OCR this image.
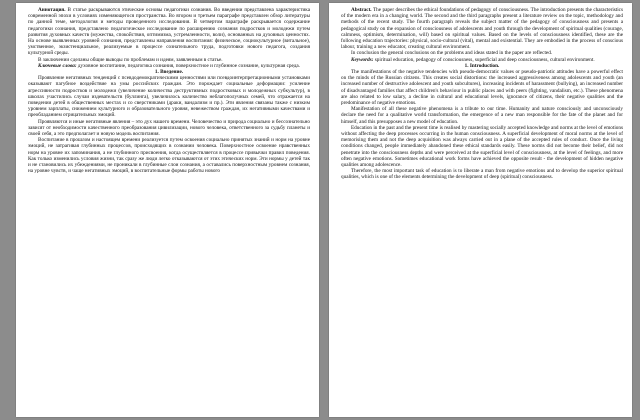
Аннотация. В статье раскрываются этические основы педагогики сознания. Во введении представлена характеристика современной эпохи в условиях изменяющегося пространства. Во втором и третьем параграфе представлен обзор литературы по данной теме, методология и методы проведенного исследования. В четвертом параграфе раскрывается содержание педагогики сознания, представлено педагогическое исследование по расширению сознания подростков и молодежи путем развития духовных качеств (мужества, спокойствия, оптимизма, устремленности, воли), основанных на духовных ценностях. На основе выявленных уровней сознания, представлены направления воспитания: физическое, социокультурное (витальное), умственное, экзистенциальное, реализуемые в процессе сознательного труда, подготовки нового педагога, создания культурной среды.

В заключении сделаны общие выводы по проблемам и идеям, заявленным в статье.

Ключевые слова: духовное воспитание, педагогика сознания, поверхностное и глубинное сознание, культурная среда.

1. Введение.

Проявление негативных тенденций с псевдодемократическими ценностями или псевдоинтерпретационными установками оказывают пагубное воздействие на умы российских граждан. Это порождает социальные деформации: усиление агрессивности подростков и молодежи (увеличение количества деструктивных подростковых и молодежных субкультур), в школах участились случаи издевательств (буллинга), увеличилось количество неблагополучных семей, что отражается на поведении детей в общественных местах и со сверстниками (драки, вандализм и пр.). Эти явления связаны также с низким уровнем зарплаты, снижением культурного и образовательного уровня, невежеством граждан, их негативными качествами и преобладанием отрицательных эмоций.

Проявляются и иные негативные явления – это дух нашего времени. Человечество и природа социально и бессознательно зависят от необходимости качественного преобразования цивилизации, нового человека, ответственного за судьбу планеты и своей себя, а это предполагает и новую модель воспитания.

Воспитание в прошлом и настоящем времени реализуется путем освоения социально принятых знаний и норм на уровне эмоций, не затрагивая глубинных процессов, происходящих в сознании человека. Поверхностное освоение нравственных норм на уровне их запоминания, а не глубинного присвоения, когда осуществляется в процессе привычки правил поведения. Как только изменились условия жизни, так сразу же люди легко отказываются от этих этических норм. Эти нормы у детей так и не становились их убеждениями, не проникали в глубинные слои сознания, а оставались поверхностным уровнем сознания, на уровне чувств, и чаще негативных эмоций, в воспитательные формы работы нового

Abstract. The paper describes the ethical foundations of pedagogy of consciousness. The introduction presents the characteristics of the modern era in a changing world. The second and the third paragraphs present a literature review on the topic, methodology and methods of the recent study. The fourth paragraph reveals the subject matter of the pedagogy of consciousness and presents a pedagogical study on the expansion of consciousness of adolescents and youth through the development of spiritual qualities (courage, calmness, optimism, determination, will) based on spiritual values. Based on the levels of consciousness identified, these are the following education trajectories: physical, socio-cultural (vital), mental and existential. They are embodied in the process of conscious labour, training a new educator, creating cultural environment.

In conclusion the general conclusions on the problems and ideas stated in the paper are reflected.

Keywords: spiritual education, pedagogy of consciousness, superficial and deep consciousness, cultural environment.

1. Introduction.

The manifestations of the negative tendencies with pseudo-democratic values or pseudo-patriotic attitudes have a powerful effect on the minds of the Russian citizens. This creates social distortions: the increased aggressiveness among adolescents and youth (an increased number of destructive adolescent and youth subcultures), increasing incidents of harassment (bullying), an increased number of disadvantaged families that affect children's behaviour in public places and with peers (fighting, vandalism, etc.). These phenomena are also related to low salary, a decline in cultural and educational levels, ignorance of citizens, their negative qualities and the predominance of negative emotions.

Manifestation of all these negative phenomena is a tribute to our time. Humanity and nature consciously and unconsciously declare the need for a qualitative world transformation, the emergence of a new man responsible for the fate of the planet and for himself, and this presupposes a new model of education.

Education in the past and the present time is realised by mastering socially accepted knowledge and norms at the level of emotions without affecting the deep processes occurring in the human consciousness. A superficial development of moral norms at the level of memorising them and not the deep acquisition was always carried out in a plane of the accepted rules of conduct. Once the living conditions changed, people immediately abandoned these ethical standards easily. These norms did not become their belief, did not penetrate into the consciousness depths and were perceived at the superficial level of consciousness, at the level of feelings, and more often negative emotions. Sometimes educational work forms have achieved the opposite result - the development of hidden negative qualities among adolescence.

Therefore, the most important task of education is to liberate a man from negative emotions and to develop the superior spiritual qualities, which is one of the elements determining the development of deep (spiritual) consciousness.
